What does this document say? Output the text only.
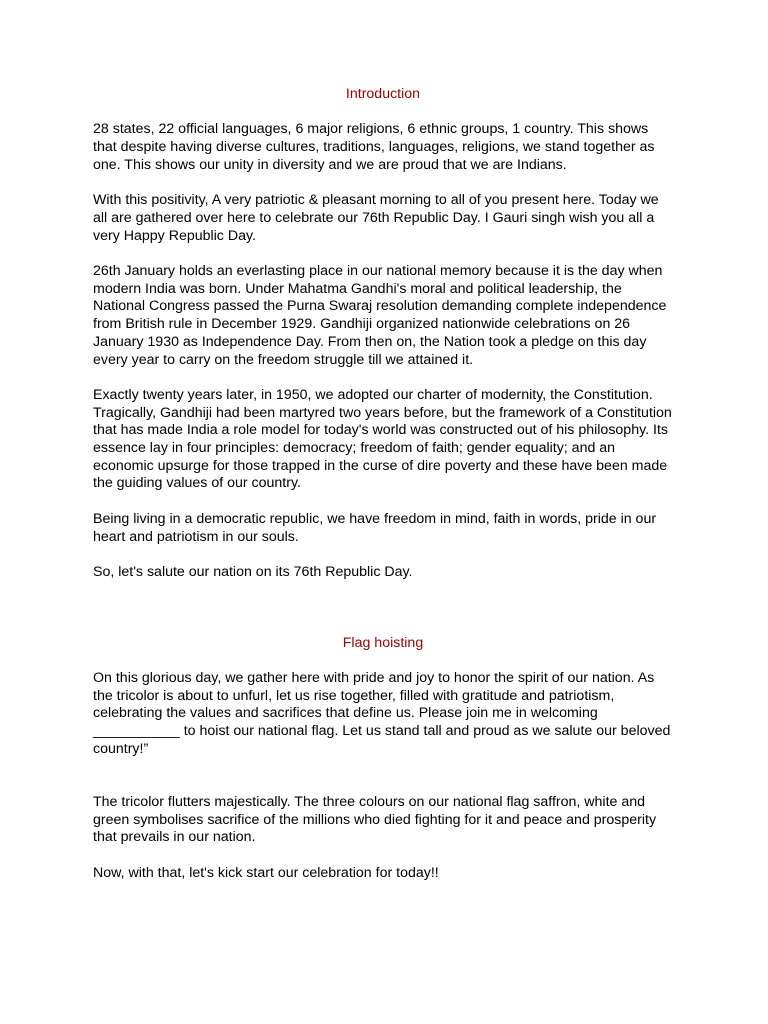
Introduction

28 states, 22 official languages, 6 major religions, 6 ethnic groups, 1 country. This shows that despite having diverse cultures, traditions, languages, religions, we stand together as one. This shows our unity in diversity and we are proud that we are Indians.

With this positivity, A very patriotic & pleasant morning to all of you present here. Today we all are gathered over here to celebrate our 76th Republic Day. I Gauri singh wish you all a very Happy Republic Day.

26th January holds an everlasting place in our national memory because it is the day when modern India was born. Under Mahatma Gandhi's moral and political leadership, the National Congress passed the Purna Swaraj resolution demanding complete independence from British rule in December 1929. Gandhiji organized nationwide celebrations on 26 January 1930 as Independence Day. From then on, the Nation took a pledge on this day every year to carry on the freedom struggle till we attained it.

Exactly twenty years later, in 1950, we adopted our charter of modernity, the Constitution. Tragically, Gandhiji had been martyred two years before, but the framework of a Constitution that has made India a role model for today's world was constructed out of his philosophy. Its essence lay in four principles: democracy; freedom of faith; gender equality; and an economic upsurge for those trapped in the curse of dire poverty and these have been made the guiding values of our country.

Being living in a democratic republic, we have freedom in mind, faith in words, pride in our heart and patriotism in our souls.

So, let's salute our nation on its 76th Republic Day.

Flag hoisting

On this glorious day, we gather here with pride and joy to honor the spirit of our nation. As the tricolor is about to unfurl, let us rise together, filled with gratitude and patriotism, celebrating the values and sacrifices that define us. Please join me in welcoming ___________ to hoist our national flag. Let us stand tall and proud as we salute our beloved country!”

The tricolor flutters majestically. The three colours on our national flag saffron, white and green symbolises sacrifice of the millions who died fighting for it and peace and prosperity that prevails in our nation.

Now, with that, let's kick start our celebration for today!!
